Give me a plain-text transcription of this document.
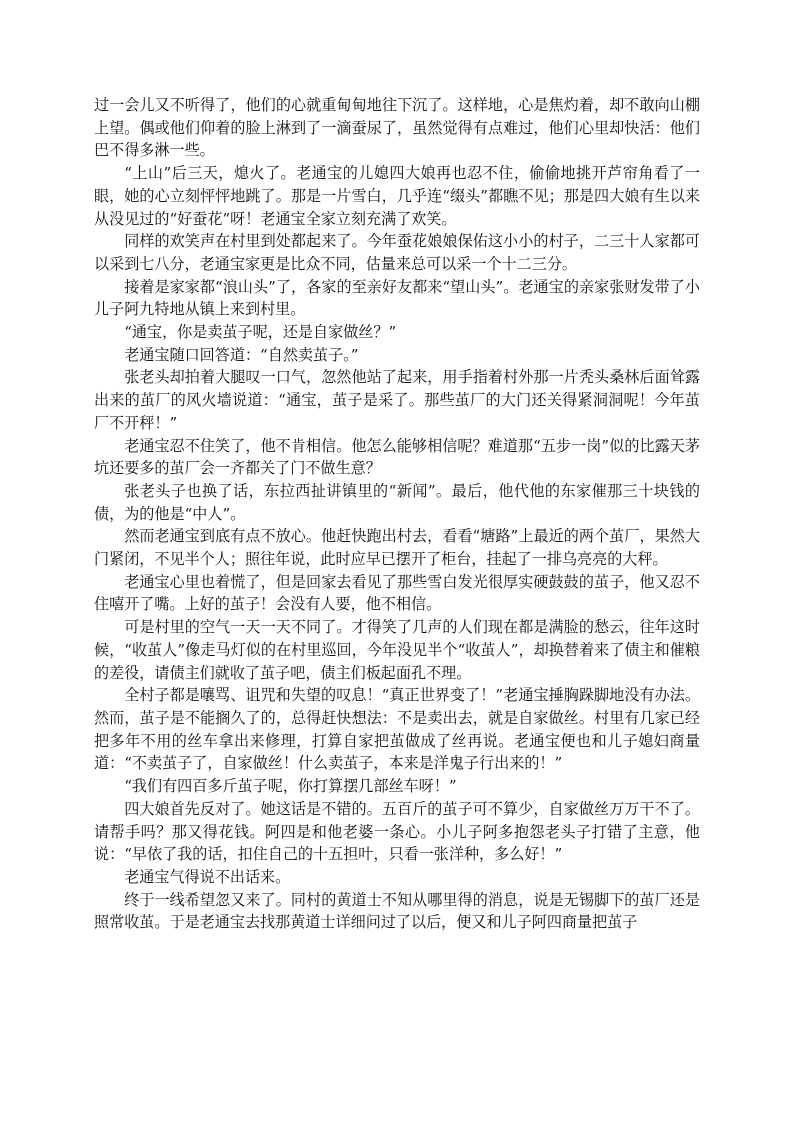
过一会儿又不听得了，他们的心就重甸甸地往下沉了。这样地，心是焦灼着，却不敢向山棚上望。偶或他们仰着的脸上淋到了一滴蚕尿了，虽然觉得有点难过，他们心里却快活：他们巴不得多淋一些。

“上山”后三天，熄火了。老通宝的儿媳四大娘再也忍不住，偷偷地挑开芦帘角看了一眼，她的心立刻怦怦地跳了。那是一片雪白，几乎连“缀头”都瞧不见；那是四大娘有生以来从没见过的“好蚕花”呀！老通宝全家立刻充满了欢笑。

同样的欢笑声在村里到处都起来了。今年蚕花娘娘保佑这小小的村子，二三十人家都可以采到七八分，老通宝家更是比众不同，估量来总可以采一个十二三分。

接着是家家都“浪山头”了，各家的至亲好友都来“望山头”。老通宝的亲家张财发带了小儿子阿九特地从镇上来到村里。

“通宝，你是卖茧子呢，还是自家做丝？”

老通宝随口回答道：“自然卖茧子。”

张老头却拍着大腿叹一口气，忽然他站了起来，用手指着村外那一片秃头桑林后面耸露出来的茧厂的风火墙说道：“通宝，茧子是采了。那些茧厂的大门还关得紧洞洞呢！今年茧厂不开秤！”

老通宝忍不住笑了，他不肯相信。他怎么能够相信呢？难道那“五步一岗”似的比露天茅坑还要多的茧厂会一齐都关了门不做生意？

张老头子也换了话，东拉西扯讲镇里的“新闻”。最后，他代他的东家催那三十块钱的债，为的他是“中人”。

然而老通宝到底有点不放心。他赶快跑出村去，看看“塘路”上最近的两个茧厂，果然大门紧闭，不见半个人；照往年说，此时应早已摆开了柜台，挂起了一排乌亮亮的大秤。

老通宝心里也着慌了，但是回家去看见了那些雪白发光很厚实硬鼓鼓的茧子，他又忍不住嘻开了嘴。上好的茧子！会没有人要，他不相信。

可是村里的空气一天一天不同了。才得笑了几声的人们现在都是满脸的愁云，往年这时候，“收茧人”像走马灯似的在村里巡回，今年没见半个“收茧人”，却换替着来了债主和催粮的差役，请债主们就收了茧子吧，债主们板起面孔不理。

全村子都是嚷骂、诅咒和失望的叹息！“真正世界变了！”老通宝捶胸跺脚地没有办法。然而，茧子是不能搁久了的，总得赶快想法：不是卖出去，就是自家做丝。村里有几家已经把多年不用的丝车拿出来修理，打算自家把茧做成了丝再说。老通宝便也和儿子媳妇商量道：“不卖茧子了，自家做丝！什么卖茧子，本来是洋鬼子行出来的！”

“我们有四百多斤茧子呢，你打算摆几部丝车呀！”

四大娘首先反对了。她这话是不错的。五百斤的茧子可不算少，自家做丝万万干不了。请帮手吗？那又得花钱。阿四是和他老婆一条心。小儿子阿多抱怨老头子打错了主意，他说：“早依了我的话，扣住自己的十五担叶，只看一张洋种，多么好！”

老通宝气得说不出话来。

终于一线希望忽又来了。同村的黄道士不知从哪里得的消息，说是无锡脚下的茧厂还是照常收茧。于是老通宝去找那黄道士详细问过了以后，便又和儿子阿四商量把茧子
